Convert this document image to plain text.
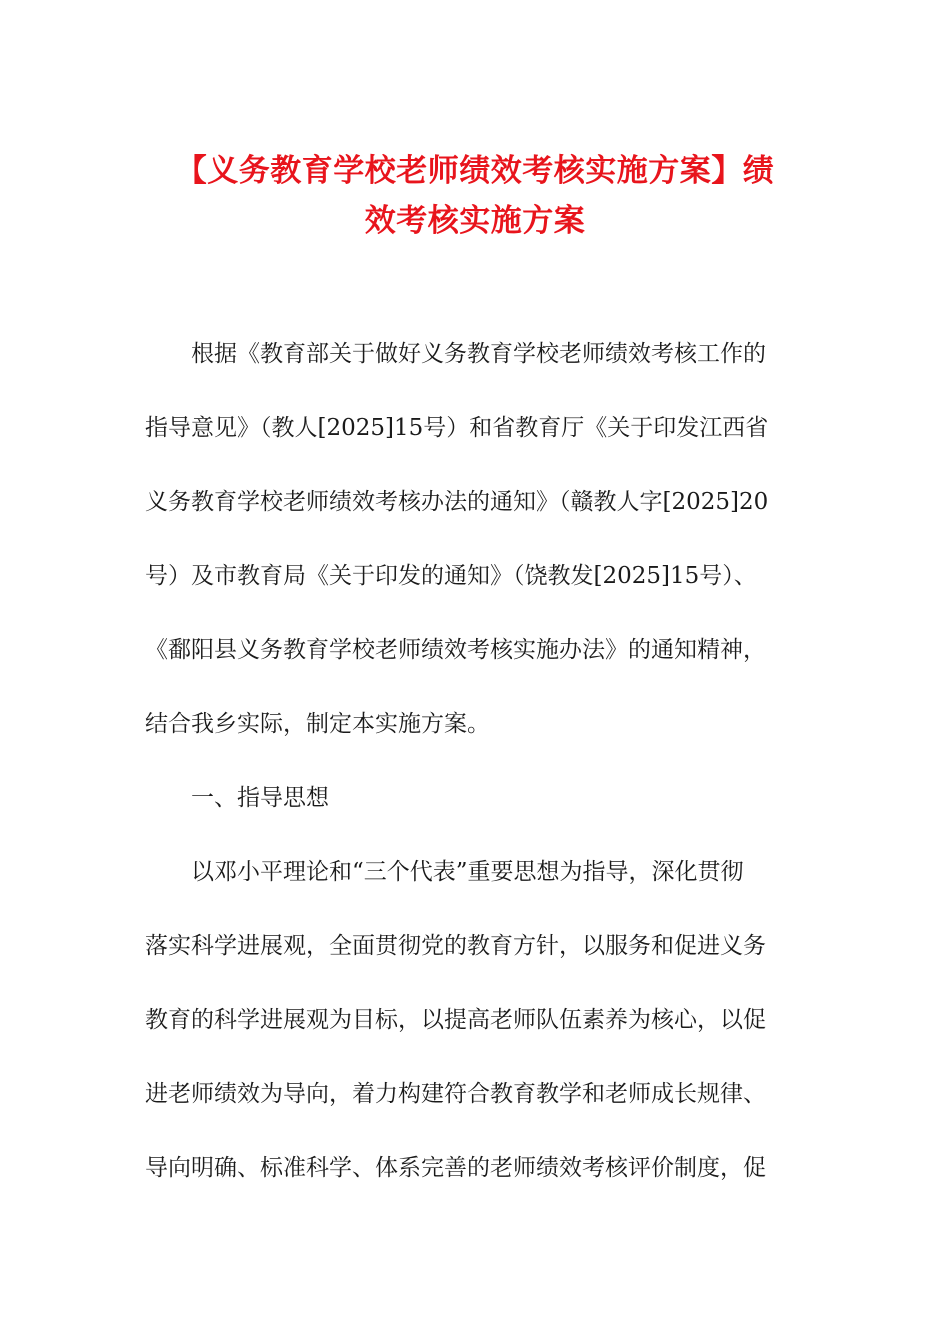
【义务教育学校老师绩效考核实施方案】绩
效考核实施方案
根据《教育部关于做好义务教育学校老师绩效考核工作的
指导意见》（教人[2025]15号）和省教育厅《关于印发江西省
义务教育学校老师绩效考核办法的通知》（赣教人字[2025]20
号）及市教育局《关于印发的通知》（饶教发[2025]15号）、
《鄱阳县义务教育学校老师绩效考核实施办法》的通知精神，
结合我乡实际，制定本实施方案。
一、指导思想
以邓小平理论和“三个代表”重要思想为指导，深化贯彻
落实科学进展观，全面贯彻党的教育方针，以服务和促进义务
教育的科学进展观为目标，以提高老师队伍素养为核心，以促
进老师绩效为导向，着力构建符合教育教学和老师成长规律、
导向明确、标准科学、体系完善的老师绩效考核评价制度，促
